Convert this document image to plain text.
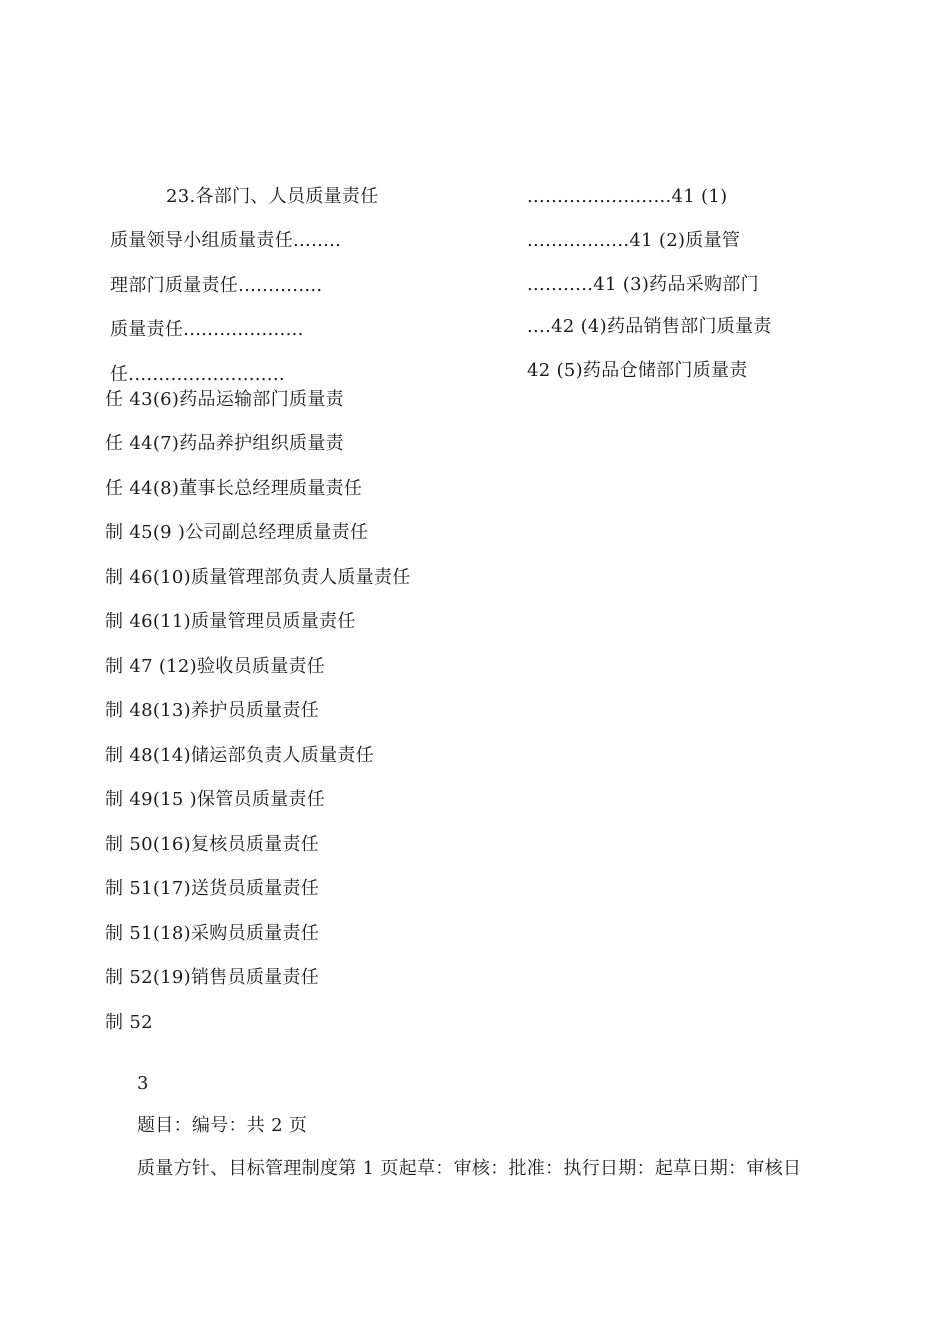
23.各部门、人员质量责任
质量领导小组质量责任........
理部门质量责任..............
质量责任....................
任..........................
........................41 (1)
.................41 (2)质量管
...........41 (3)药品采购部门
....42 (4)药品销售部门质量责
42 (5)药品仓储部门质量责
任 43(6)药品运输部门质量责
任 44(7)药品养护组织质量责
任 44(8)董事长总经理质量责任
制 45(9 )公司副总经理质量责任
制 46(10)质量管理部负责人质量责任
制 46(11)质量管理员质量责任
制 47 (12)验收员质量责任
制 48(13)养护员质量责任
制 48(14)储运部负责人质量责任
制 49(15 )保管员质量责任
制 50(16)复核员质量责任
制 51(17)送货员质量责任
制 51(18)采购员质量责任
制 52(19)销售员质量责任
制 52
3
题目：编号：共 2 页
质量方针、目标管理制度第 1 页起草：审核：批准：执行日期：起草日期：审核日
